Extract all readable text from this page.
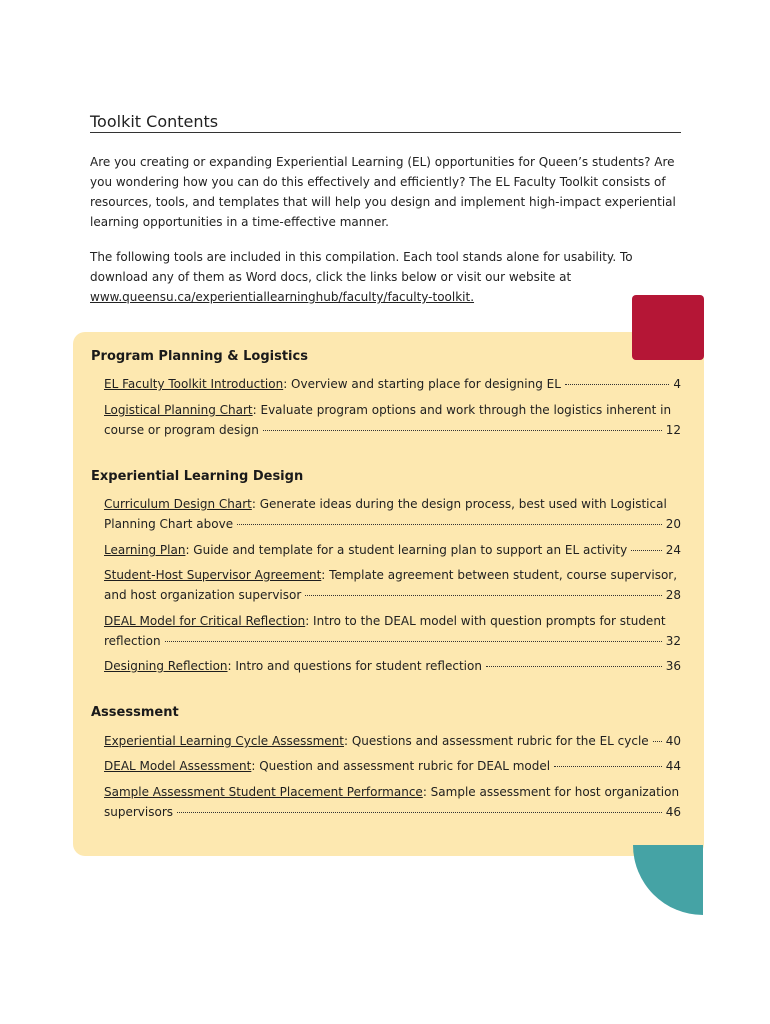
Toolkit Contents
Are you creating or expanding Experiential Learning (EL) opportunities for Queen’s students? Are you wondering how you can do this effectively and efficiently? The EL Faculty Toolkit consists of resources, tools, and templates that will help you design and implement high-impact experiential learning opportunities in a time-effective manner.
The following tools are included in this compilation. Each tool stands alone for usability. To download any of them as Word docs, click the links below or visit our website at www.queensu.ca/experientiallearninghub/faculty/faculty-toolkit.
Program Planning & Logistics
EL Faculty Toolkit Introduction: Overview and starting place for designing EL	4
Logistical Planning Chart: Evaluate program options and work through the logistics inherent in
course or program design	12
Experiential Learning Design
Curriculum Design Chart: Generate ideas during the design process, best used with Logistical
Planning Chart above	20
Learning Plan: Guide and template for a student learning plan to support an EL activity	24
Student-Host Supervisor Agreement: Template agreement between student, course supervisor,
and host organization supervisor	28
DEAL Model for Critical Reflection: Intro to the DEAL model with question prompts for student
reflection	32
Designing Reflection: Intro and questions for student reflection	36
Assessment
Experiential Learning Cycle Assessment: Questions and assessment rubric for the EL cycle 40
DEAL Model Assessment: Question and assessment rubric for DEAL model	44
Sample Assessment Student Placement Performance: Sample assessment for host organization
supervisors	46
